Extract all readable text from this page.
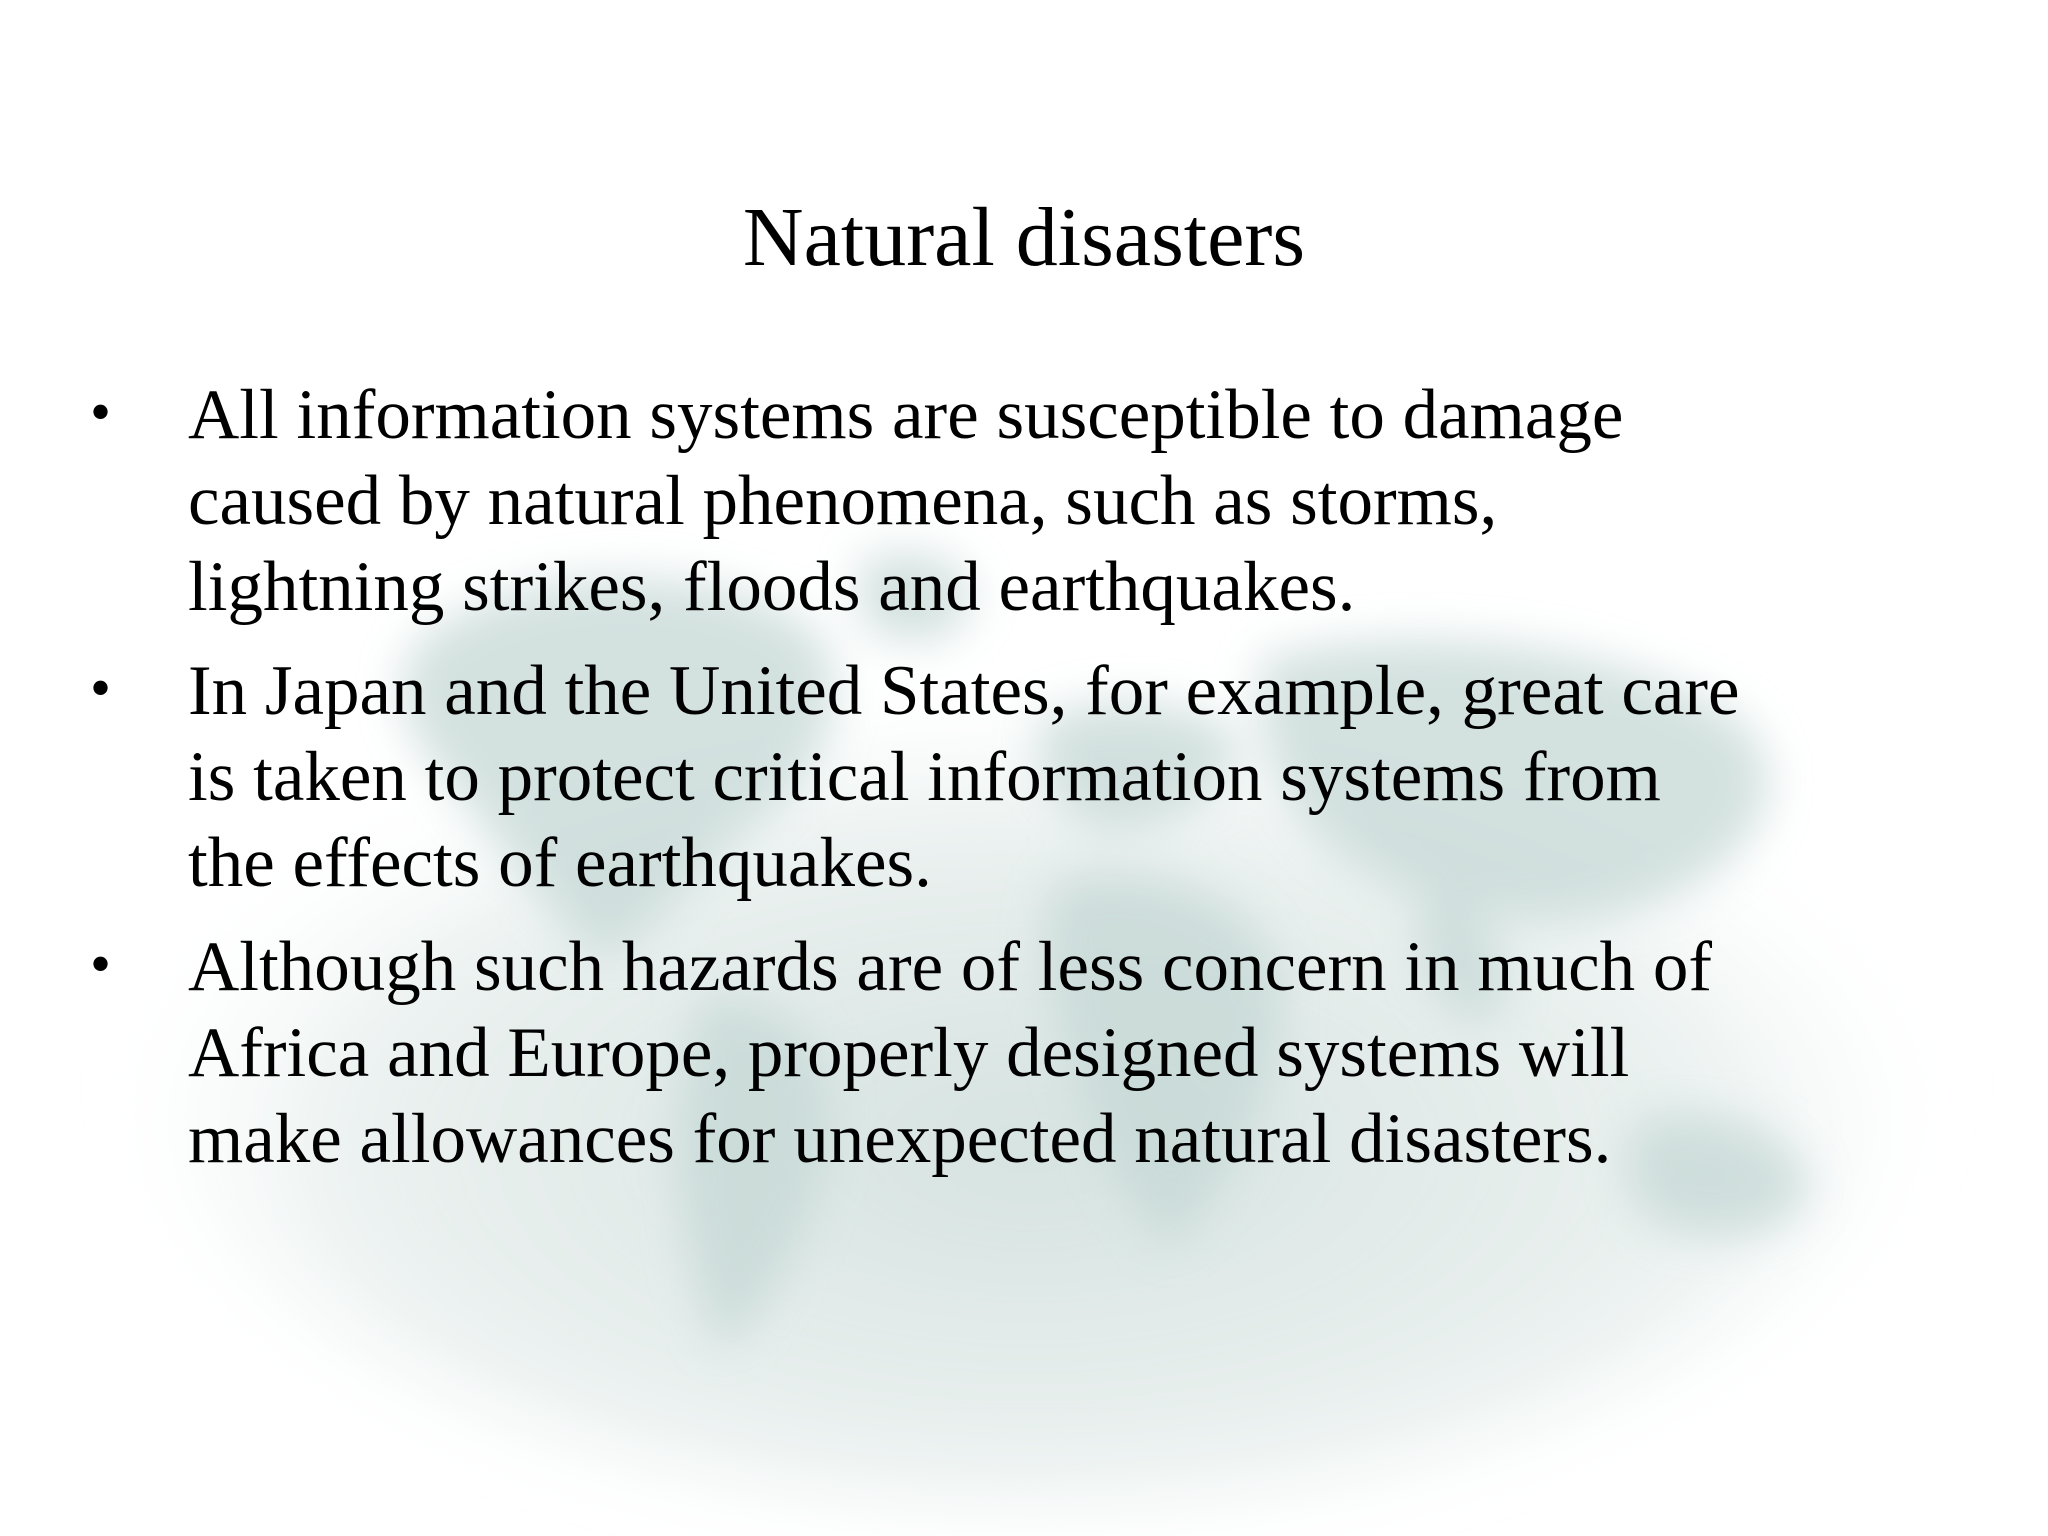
Natural disasters
•	All information systems are susceptible to damage
caused by natural phenomena, such as storms,
lightning strikes, floods and earthquakes.
•	In Japan and the United States, for example, great care
is taken to protect critical information systems from
the effects of earthquakes.
•	Although such hazards are of less concern in much of
Africa and Europe, properly designed systems will
make allowances for unexpected natural disasters.
